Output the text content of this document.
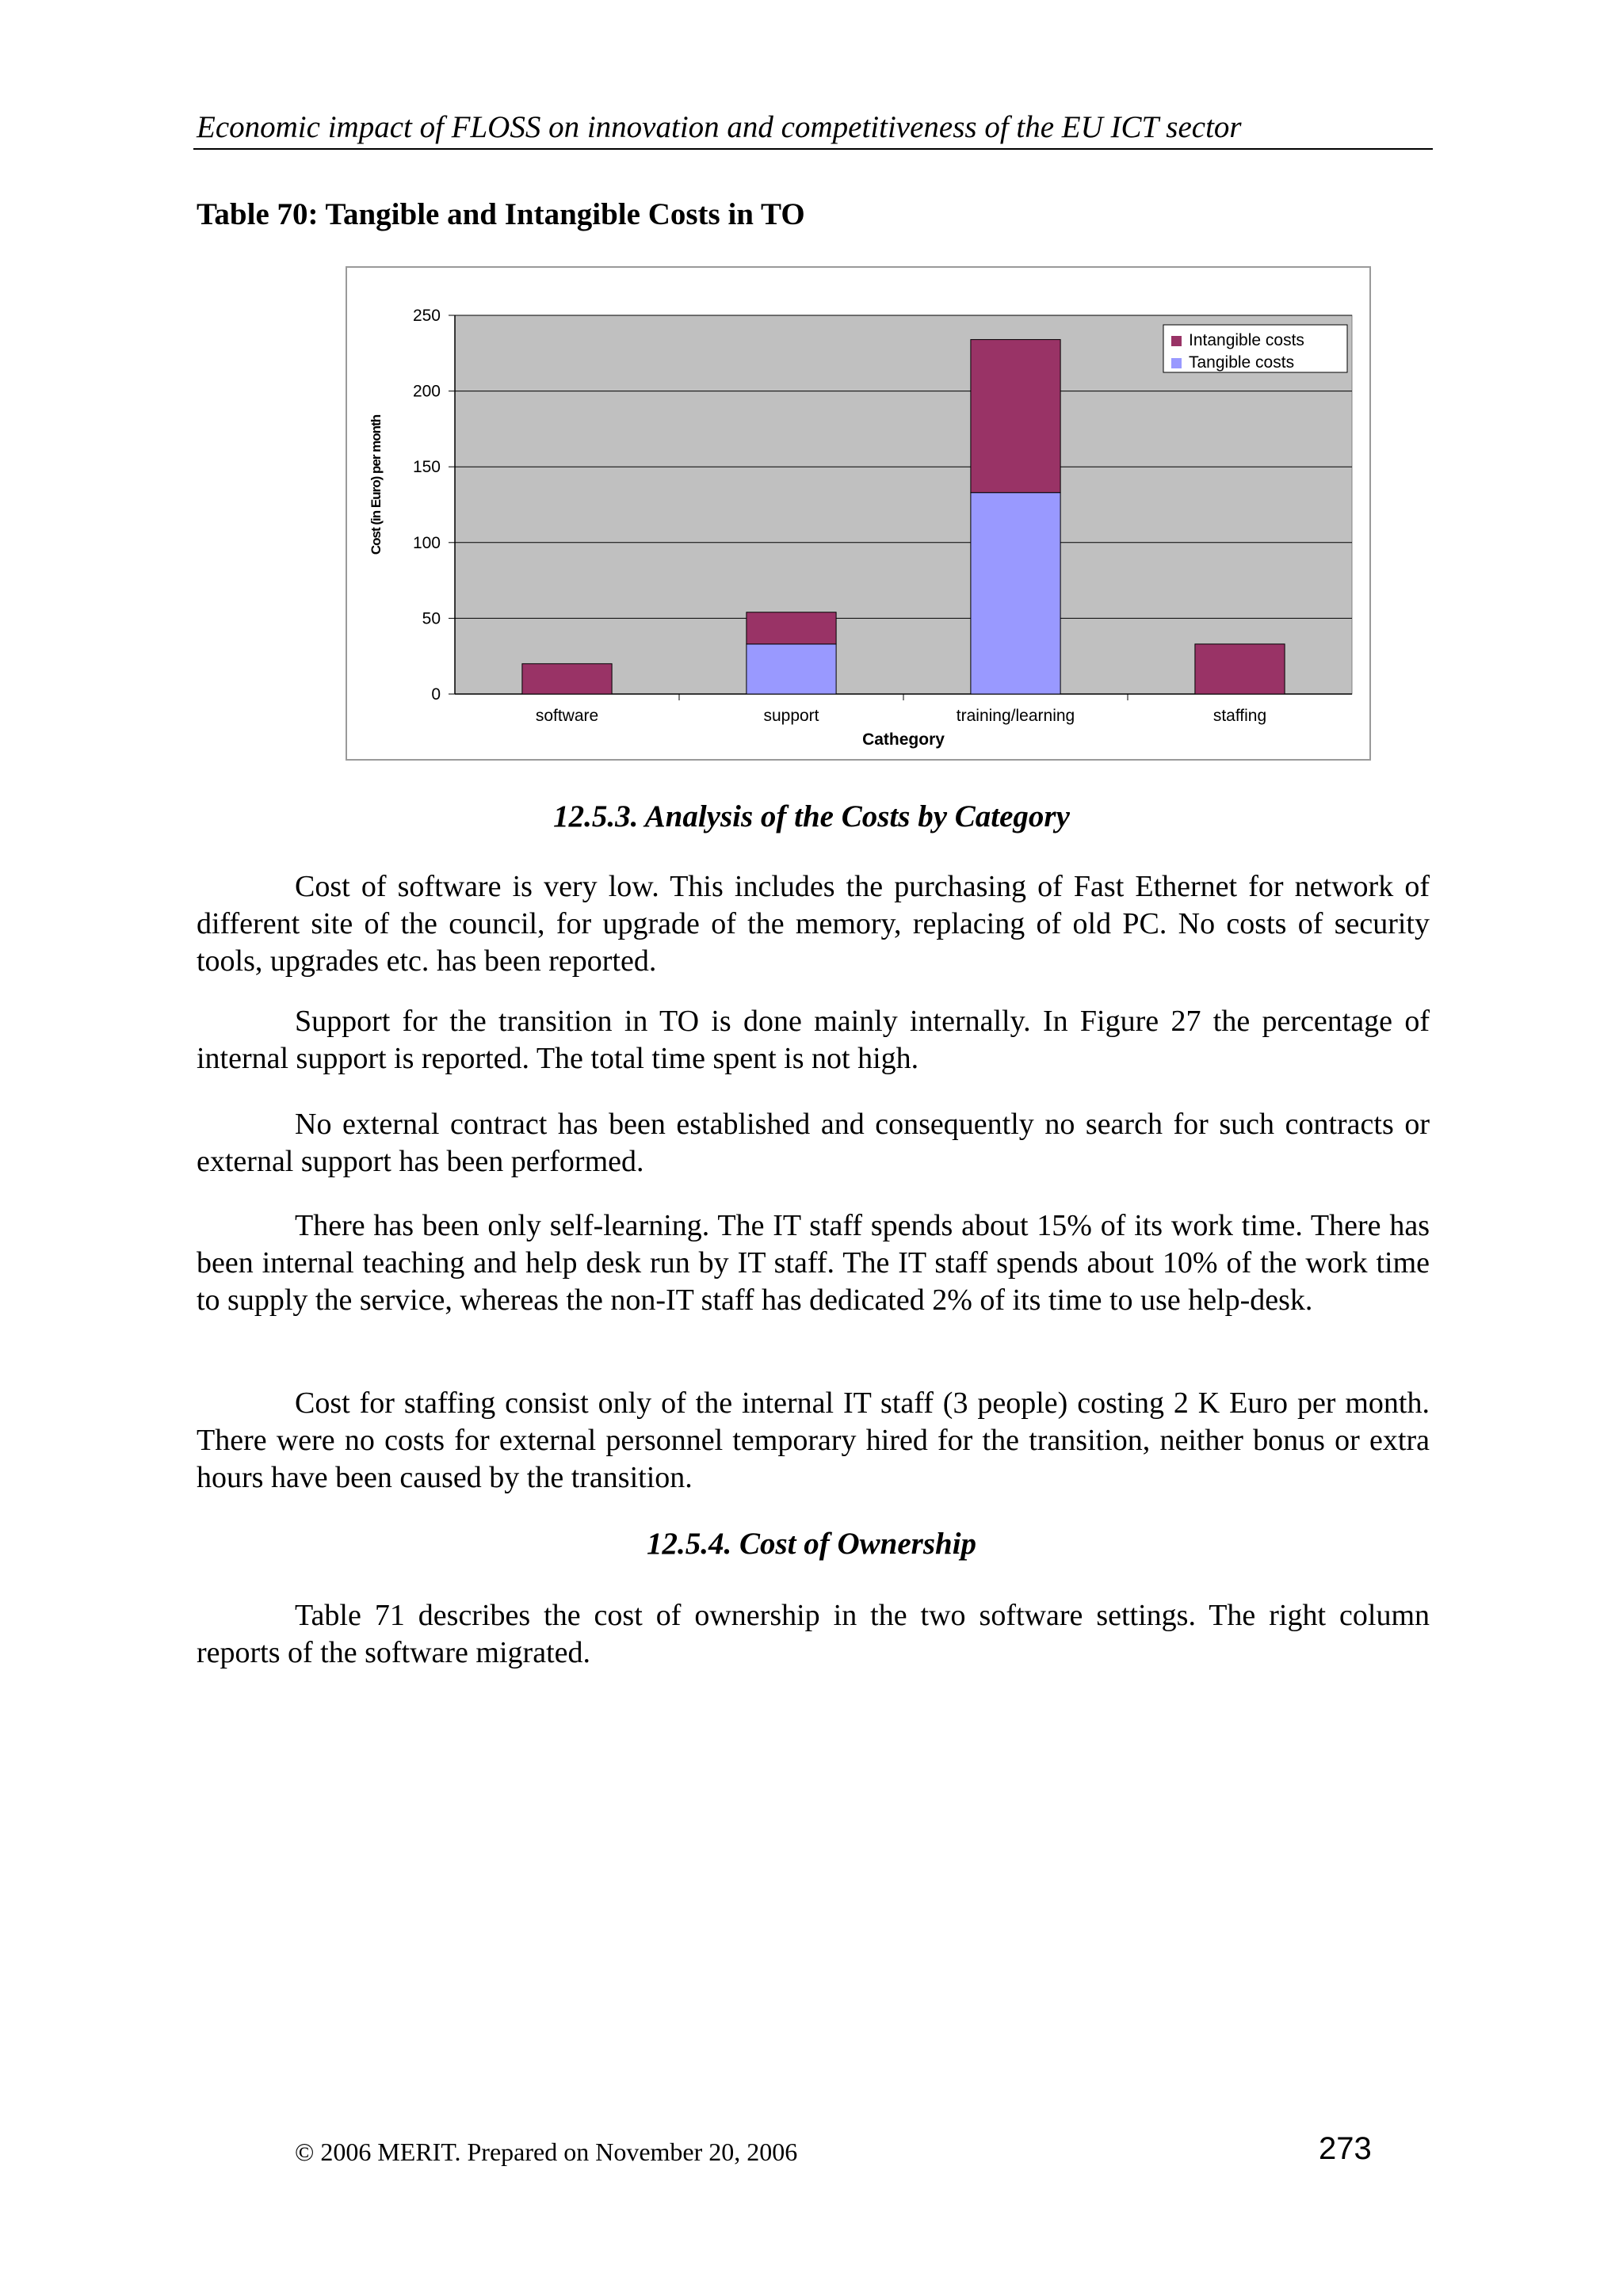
Economic impact of FLOSS on innovation and competitiveness of the EU ICT sector
Table 70: Tangible and Intangible Costs in TO
0
50
100
150
200
250
software	support	training/learning	staffing
Cathegory
Cost (in Euro) per month
Intangible costs
Tangible costs
12.5.3. Analysis of the Costs by Category
Cost of software is very low. This includes the purchasing of Fast Ethernet for network of different site of the council, for upgrade of the memory, replacing of old PC. No costs of security tools, upgrades etc. has been reported.
Support for the transition in TO is done mainly internally. In Figure 27 the percentage of internal support is reported. The total time spent is not high.
No external contract has been established and consequently no search for such contracts or external support has been performed.
There has been only self-learning. The IT staff spends about 15% of its work time. There has been internal teaching and help desk run by IT staff. The IT staff spends about 10% of the work time to supply the service, whereas the non-IT staff has dedicated 2% of its time to use help-desk.
Cost for staffing consist only of the internal IT staff (3 people) costing 2 K Euro per month. There were no costs for external personnel temporary hired for the transition, neither bonus or extra hours have been caused by the transition.
12.5.4. Cost of Ownership
Table 71 describes the cost of ownership in the two software settings. The right column reports of the software migrated.
© 2006 MERIT. Prepared on November 20, 2006	273
